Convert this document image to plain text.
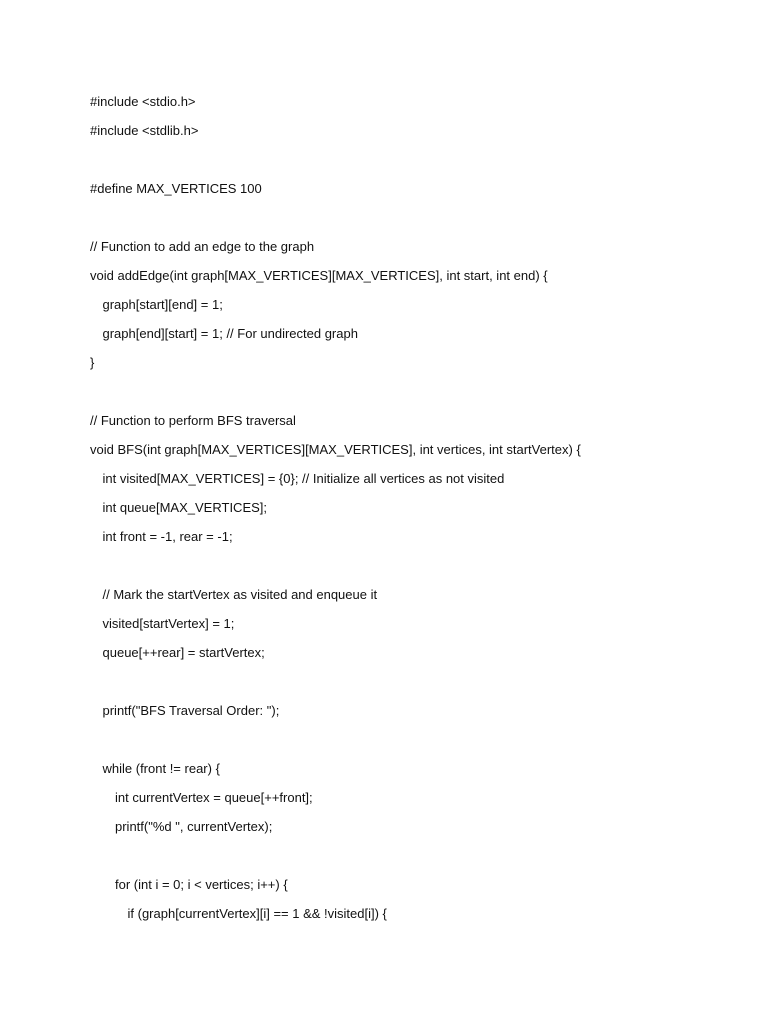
#include <stdio.h>
#include <stdlib.h>
#define MAX_VERTICES 100
// Function to add an edge to the graph
void addEdge(int graph[MAX_VERTICES][MAX_VERTICES], int start, int end) {
graph[start][end] = 1;
graph[end][start] = 1; // For undirected graph
}
// Function to perform BFS traversal
void BFS(int graph[MAX_VERTICES][MAX_VERTICES], int vertices, int startVertex) {
int visited[MAX_VERTICES] = {0}; // Initialize all vertices as not visited
int queue[MAX_VERTICES];
int front = -1, rear = -1;
// Mark the startVertex as visited and enqueue it
visited[startVertex] = 1;
queue[++rear] = startVertex;
printf("BFS Traversal Order: ");
while (front != rear) {
int currentVertex = queue[++front];
printf("%d ", currentVertex);
for (int i = 0; i < vertices; i++) {
if (graph[currentVertex][i] == 1 && !visited[i]) {
